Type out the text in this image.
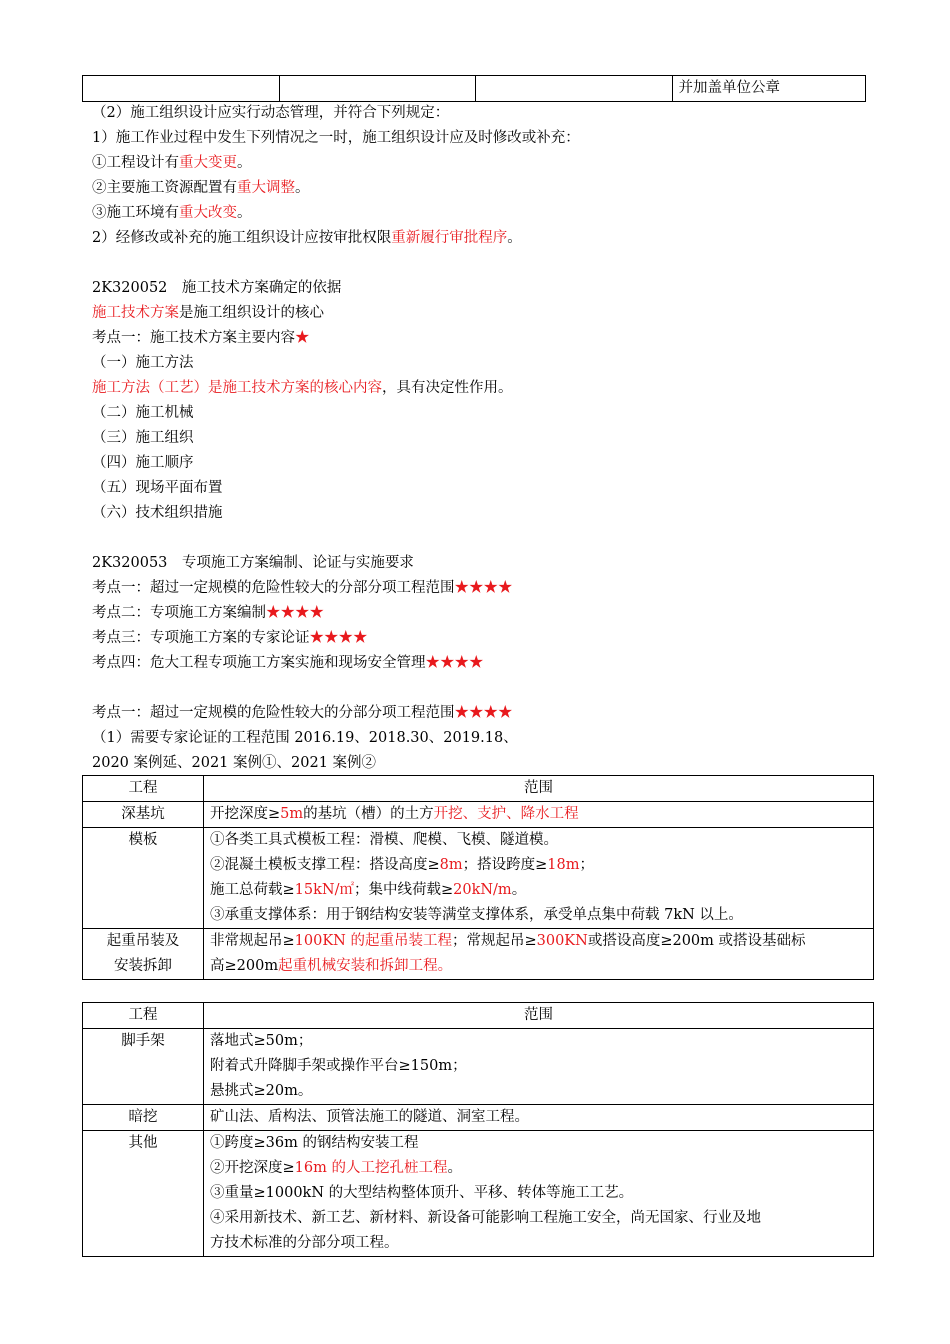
			并加盖单位公章
（2）施工组织设计应实行动态管理，并符合下列规定：
1）施工作业过程中发生下列情况之一时，施工组织设计应及时修改或补充：
①工程设计有重大变更。
②主要施工资源配置有重大调整。
③施工环境有重大改变。
2）经修改或补充的施工组织设计应按审批权限重新履行审批程序。
2K320052　施工技术方案确定的依据
施工技术方案是施工组织设计的核心
考点一：施工技术方案主要内容★
（一）施工方法
施工方法（工艺）是施工技术方案的核心内容，具有决定性作用。
（二）施工机械
（三）施工组织
（四）施工顺序
（五）现场平面布置
（六）技术组织措施
2K320053　专项施工方案编制、论证与实施要求
考点一：超过一定规模的危险性较大的分部分项工程范围★★★★
考点二：专项施工方案编制★★★★
考点三：专项施工方案的专家论证★★★★
考点四：危大工程专项施工方案实施和现场安全管理★★★★
考点一：超过一定规模的危险性较大的分部分项工程范围★★★★
（1）需要专家论证的工程范围 2016.19、2018.30、2019.18、
2020 案例延、2021 案例①、2021 案例②
工程	范围
深基坑	开挖深度≥5m的基坑（槽）的土方开挖、支护、降水工程

模板	①各类工具式模板工程：滑模、爬模、飞模、隧道模。
②混凝土模板支撑工程：搭设高度≥8m；搭设跨度≥18m；
施工总荷载≥15kN/㎡；集中线荷载≥20kN/m。
③承重支撑体系：用于钢结构安装等满堂支撑体系，承受单点集中荷载 7kN 以上。

起重吊装及
安装拆卸	非常规起吊≥100KN 的起重吊装工程；常规起吊≥300KN或搭设高度≥200m 或搭设基础标
高≥200m起重机械安装和拆卸工程。
工程	范围
脚手架	落地式≥50m；
附着式升降脚手架或操作平台≥150m；
悬挑式≥20m。

暗挖	矿山法、盾构法、顶管法施工的隧道、洞室工程。

其他	①跨度≥36m 的钢结构安装工程
②开挖深度≥16m 的人工挖孔桩工程。
③重量≥1000kN 的大型结构整体顶升、平移、转体等施工工艺。
④采用新技术、新工艺、新材料、新设备可能影响工程施工安全，尚无国家、行业及地
方技术标准的分部分项工程。
